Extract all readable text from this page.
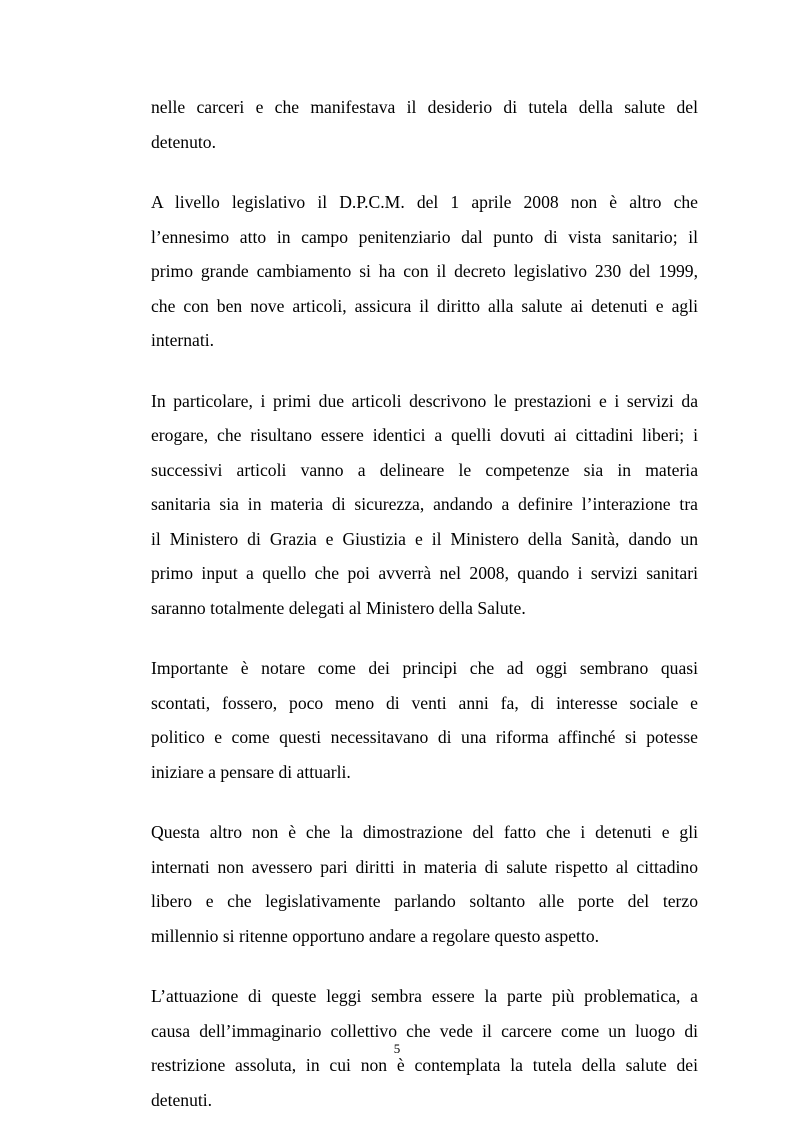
nelle carceri e che manifestava il desiderio di tutela della salute del
detenuto.
A livello legislativo il D.P.C.M. del 1 aprile 2008 non è altro che
l’ennesimo atto in campo penitenziario dal punto di vista sanitario; il
primo grande cambiamento si ha con il decreto legislativo 230 del 1999,
che con ben nove articoli, assicura il diritto alla salute ai detenuti e agli
internati.
In particolare, i primi due articoli descrivono le prestazioni e i servizi da
erogare, che risultano essere identici a quelli dovuti ai cittadini liberi; i
successivi articoli vanno a delineare le competenze sia in materia
sanitaria sia in materia di sicurezza, andando a definire l’interazione tra
il Ministero di Grazia e Giustizia e il Ministero della Sanità, dando un
primo input a quello che poi avverrà nel 2008, quando i servizi sanitari
saranno totalmente delegati al Ministero della Salute.
Importante è notare come dei principi che ad oggi sembrano quasi
scontati, fossero, poco meno di venti anni fa, di interesse sociale e
politico e come questi necessitavano di una riforma affinché si potesse
iniziare a pensare di attuarli.
Questa altro non è che la dimostrazione del fatto che i detenuti e gli
internati non avessero pari diritti in materia di salute rispetto al cittadino
libero e che legislativamente parlando soltanto alle porte del terzo
millennio si ritenne opportuno andare a regolare questo aspetto.
L’attuazione di queste leggi sembra essere la parte più problematica, a
causa dell’immaginario collettivo che vede il carcere come un luogo di
restrizione assoluta, in cui non è contemplata la tutela della salute dei
detenuti.
5
